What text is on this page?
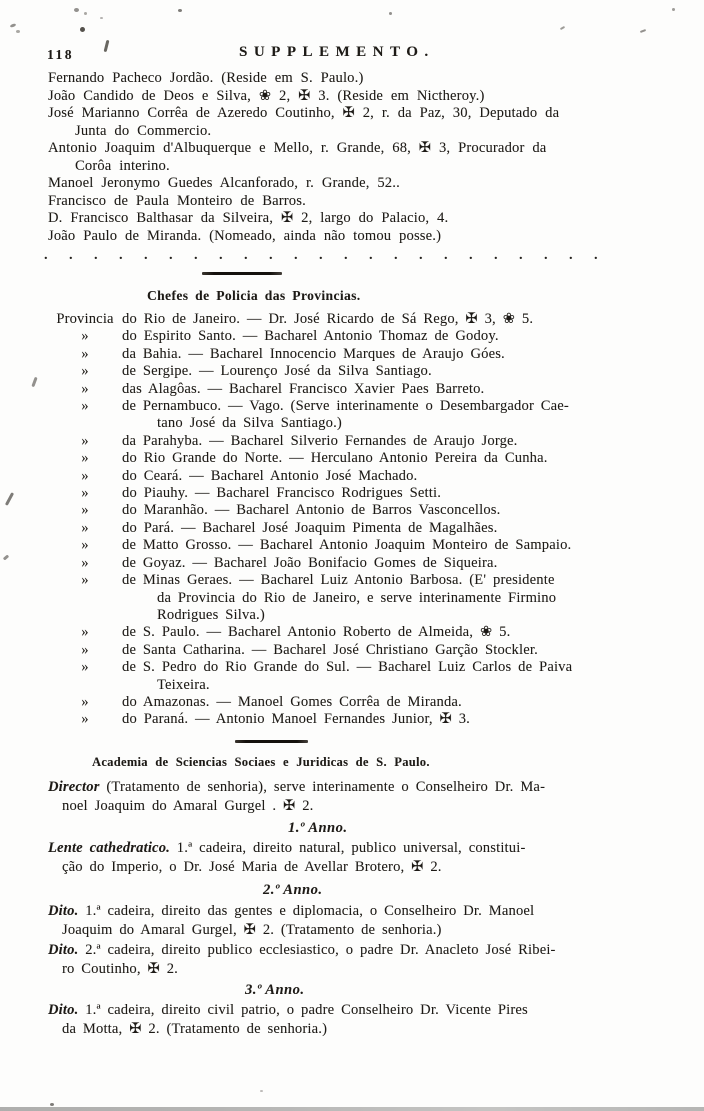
118	SUPPLEMENTO.
Fernando Pacheco Jordão. (Reside em S. Paulo.)
João Candido de Deos e Silva, ❀ 2, ✠ 3. (Reside em Nictheroy.)
José Marianno Corrêa de Azeredo Coutinho, ✠ 2, r. da Paz, 30, Deputado da
Junta do Commercio.
Antonio Joaquim d'Albuquerque e Mello, r. Grande, 68, ✠ 3, Procurador da
Corôa interino.
Manoel Jeronymo Guedes Alcanforado, r. Grande, 52..
Francisco de Paula Monteiro de Barros.
D. Francisco Balthasar da Silveira, ✠ 2, largo do Palacio, 4.
João Paulo de Miranda. (Nomeado, ainda não tomou posse.)
. . . . . . . . . . . . . . . . . . . . . . .
Chefes de Policia das Provincias.
Provincia do Rio de Janeiro. — Dr. José Ricardo de Sá Rego, ✠ 3, ❀ 5.
»	do Espirito Santo. — Bacharel Antonio Thomaz de Godoy.
»	da Bahia. — Bacharel Innocencio Marques de Araujo Góes.
»	de Sergipe. — Lourenço José da Silva Santiago.
»	das Alagôas. — Bacharel Francisco Xavier Paes Barreto.
»	de Pernambuco. — Vago. (Serve interinamente o Desembargador Cae-
tano José da Silva Santiago.)
»	da Parahyba. — Bacharel Silverio Fernandes de Araujo Jorge.
»	do Rio Grande do Norte. — Herculano Antonio Pereira da Cunha.
»	do Ceará. — Bacharel Antonio José Machado.
»	do Piauhy. — Bacharel Francisco Rodrigues Setti.
»	do Maranhão. — Bacharel Antonio de Barros Vasconcellos.
»	do Pará. — Bacharel José Joaquim Pimenta de Magalhães.
»	de Matto Grosso. — Bacharel Antonio Joaquim Monteiro de Sampaio.
»	de Goyaz. — Bacharel João Bonifacio Gomes de Siqueira.
»	de Minas Geraes. — Bacharel Luiz Antonio Barbosa. (E' presidente
da Provincia do Rio de Janeiro, e serve interinamente Firmino
Rodrigues Silva.)
»	de S. Paulo. — Bacharel Antonio Roberto de Almeida, ❀ 5.
»	de Santa Catharina. — Bacharel José Christiano Garção Stockler.
»	de S. Pedro do Rio Grande do Sul. — Bacharel Luiz Carlos de Paiva
Teixeira.
»	do Amazonas. — Manoel Gomes Corrêa de Miranda.
»	do Paraná. — Antonio Manoel Fernandes Junior, ✠ 3.
Academia de Sciencias Sociaes e Juridicas de S. Paulo.
Director (Tratamento de senhoria), serve interinamente o Conselheiro Dr. Ma-
noel Joaquim do Amaral Gurgel . ✠ 2.
1.º Anno.
Lente cathedratico. 1.ª cadeira, direito natural, publico universal, constitui-
ção do Imperio, o Dr. José Maria de Avellar Brotero, ✠ 2.
2.º Anno.
Dito. 1.ª cadeira, direito das gentes e diplomacia, o Conselheiro Dr. Manoel
Joaquim do Amaral Gurgel, ✠ 2. (Tratamento de senhoria.)
Dito. 2.ª cadeira, direito publico ecclesiastico, o padre Dr. Anacleto José Ribei-
ro Coutinho, ✠ 2.
3.º Anno.
Dito. 1.ª cadeira, direito civil patrio, o padre Conselheiro Dr. Vicente Pires
da Motta, ✠ 2. (Tratamento de senhoria.)
